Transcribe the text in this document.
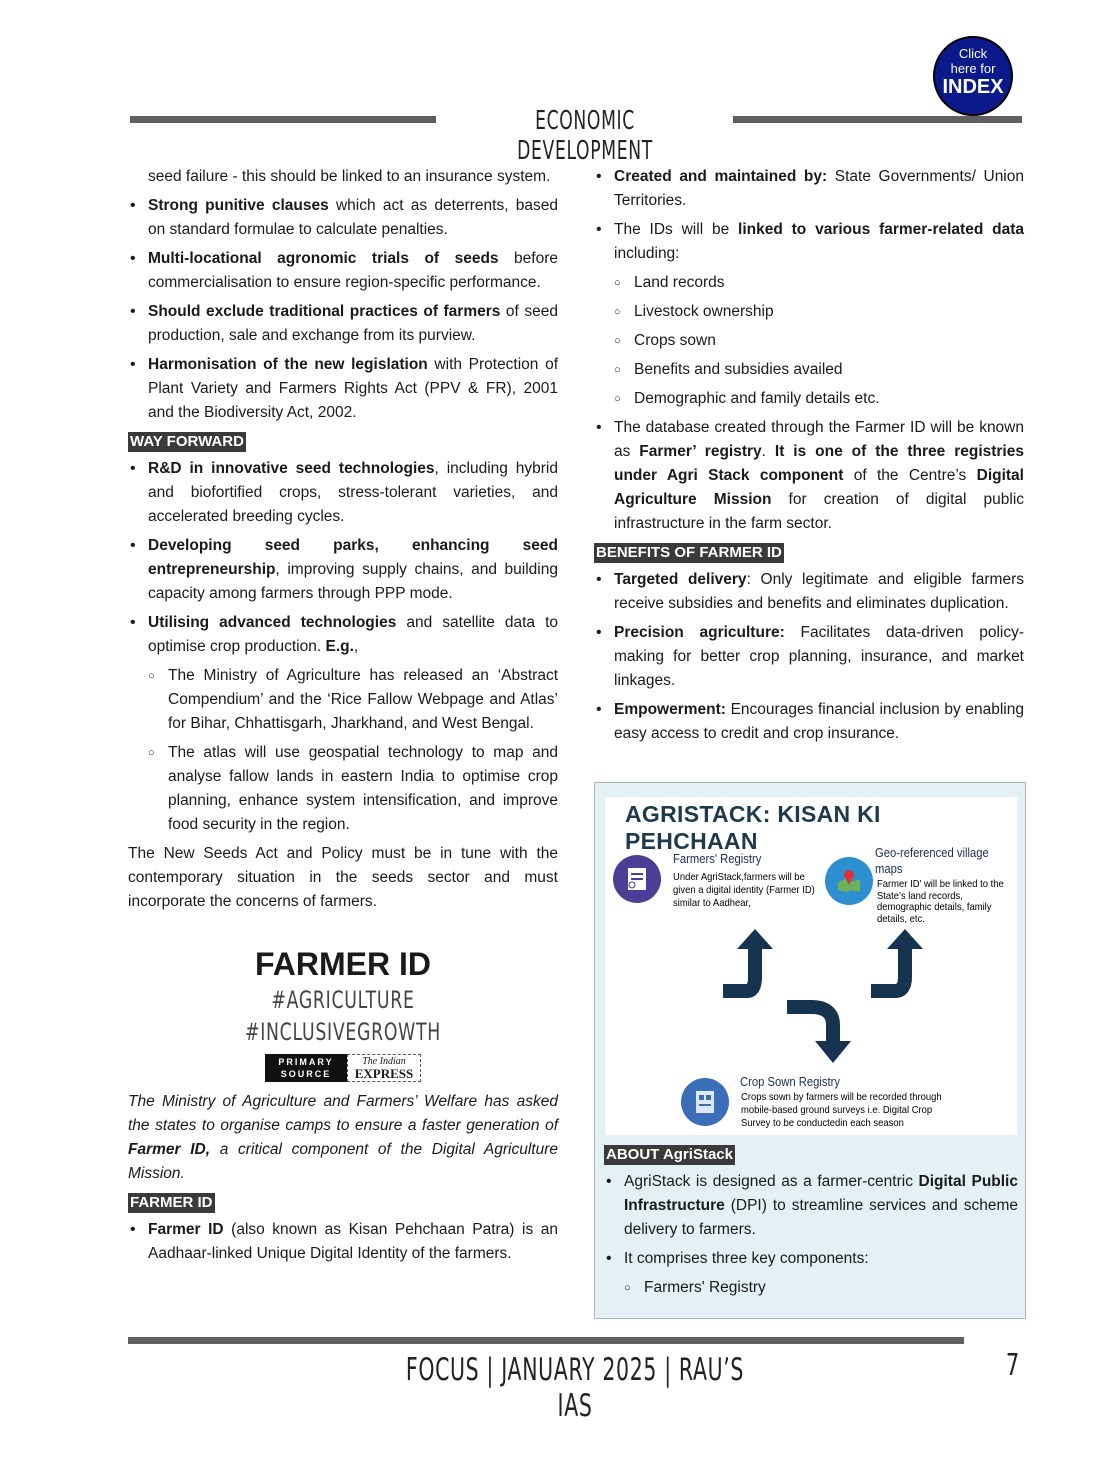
ECONOMIC DEVELOPMENT
Click
here for
INDEX

seed failure - this should be linked to an insurance system.

• Strong punitive clauses which act as deterrents, based on standard formulae to calculate penalties.
• Multi-locational agronomic trials of seeds before commercialisation to ensure region-specific performance.
• Should exclude traditional practices of farmers of seed production, sale and exchange from its purview.
• Harmonisation of the new legislation with Protection of Plant Variety and Farmers Rights Act (PPV & FR), 2001 and the Biodiversity Act, 2002.
WAY FORWARD
• R&D in innovative seed technologies, including hybrid and biofortified crops, stress-tolerant varieties, and accelerated breeding cycles.
• Developing seed parks, enhancing seed entrepreneurship, improving supply chains, and building capacity among farmers through PPP mode.
• Utilising advanced technologies and satellite data to optimise crop production. E.g.,
○ The Ministry of Agriculture has released an ‘Abstract Compendium’ and the ‘Rice Fallow Webpage and Atlas’ for Bihar, Chhattisgarh, Jharkhand, and West Bengal.
○ The atlas will use geospatial technology to map and analyse fallow lands in eastern India to optimise crop planning, enhance system intensification, and improve food security in the region.

The New Seeds Act and Policy must be in tune with the contemporary situation in the seeds sector and must incorporate the concerns of farmers.

FARMER ID
#AGRICULTURE #INCLUSIVEGROWTH
PRIMARY SOURCE
The Indian
EXPRESS

The Ministry of Agriculture and Farmers’ Welfare has asked the states to organise camps to ensure a faster generation of Farmer ID, a critical component of the Digital Agriculture Mission.

FARMER ID
• Farmer ID (also known as Kisan Pehchaan Patra) is an Aadhaar-linked Unique Digital Identity of the farmers.
• Created and maintained by: State Governments/ Union Territories.
• The IDs will be linked to various farmer-related data including:
○ Land records
○ Livestock ownership
○ Crops sown
○ Benefits and subsidies availed
○ Demographic and family details etc.
• The database created through the Farmer ID will be known as Farmer’ registry. It is one of the three registries under Agri Stack component of the Centre’s Digital Agriculture Mission for creation of digital public infrastructure in the farm sector.
BENEFITS OF FARMER ID
• Targeted delivery: Only legitimate and eligible farmers receive subsidies and benefits and eliminates duplication.
• Precision agriculture: Facilitates data-driven policy-making for better crop planning, insurance, and market linkages.
• Empowerment: Encourages financial inclusion by enabling easy access to credit and crop insurance.
AGRISTACK: KISAN KI PEHCHAAN
Farmers' Registry
Under AgriStack,farmers will be given a digital identity (Farmer ID) similar to Aadhear,
Geo-referenced village maps
Farmer ID' will be linked to the State's land records, demographic details, family details, etc.
Crop Sown Registry
Crops sown by farmers will be recorded through mobile-based ground surveys i.e. Digital Crop Survey to be conductedin each season
ABOUT AgriStack
• AgriStack is designed as a farmer-centric Digital Public Infrastructure (DPI) to streamline services and scheme delivery to farmers.
• It comprises three key components:
○ Farmers' Registry
FOCUS | JANUARY 2025 | RAU’S IAS
7
